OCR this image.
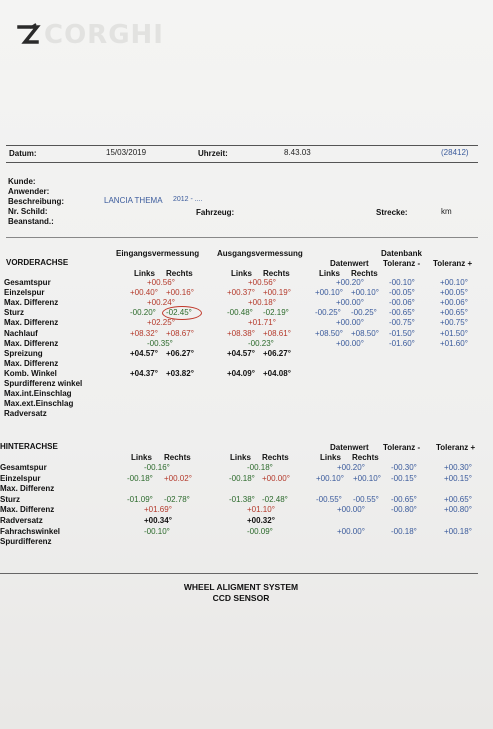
CORGHI
Datum:	15/03/2019	Uhrzeit:	8.43.03	(28412)
Kunde:
Anwender:
Beschreibung:	LANCIA THEMA 2012 - ....
Nr. Schild:	Fahrzeug:	Strecke:	km
Beanstand.:
Eingangsvermessung Ausgangsvermessung	Datenbank
VORDERACHSE	Datenwert Toleranz - Toleranz +
Links Rechts	Links Rechts	Links Rechts
Gesamtspur	+00.56°	+00.56°	+00.20°	-00.10°	+00.10°
Einzelspur	+00.40° +00.16°	+00.37° +00.19°	+00.10° +00.10° -00.05°	+00.05°
Max. Differenz	+00.24°	+00.18°	+00.00°	-00.06°	+00.06°
Sturz	-00.20° -02.45°	-00.48° -02.19°	-00.25° -00.25° -00.65°	+00.65°
Max. Differenz	+02.25°	+01.71°	+00.00°	-00.75°	+00.75°
Nachlauf	+08.32° +08.67°	+08.38° +08.61°	+08.50° +08.50° -01.50°	+01.50°
Max. Differenz	-00.35°	-00.23°	+00.00°	-01.60°	+01.60°
Spreizung	+04.57° +06.27°	+04.57° +06.27°
Max. Differenz
Komb. Winkel	+04.37° +03.82°	+04.09° +04.08°
Spurdifferenz winkel
Max.int.Einschlag
Max.ext.Einschlag
Radversatz
HINTERACHSE	Datenwert Toleranz - Toleranz +
Links Rechts	Links Rechts	Links Rechts
Gesamtspur	-00.16°	-00.18°	+00.20°	-00.30°	+00.30°
Einzelspur	-00.18° +00.02°	-00.18° +00.00°	+00.10° +00.10° -00.15°	+00.15°
Max. Differenz
Sturz	-01.09° -02.78°	-01.38° -02.48°	-00.55° -00.55° -00.65°	+00.65°
Max. Differenz	+01.69°	+01.10°	+00.00°	-00.80°	+00.80°
Radversatz	+00.34°	+00.32°
Fahrachswinkel	-00.10°	-00.09°	+00.00°	-00.18°	+00.18°
Spurdifferenz
WHEEL ALIGMENT SYSTEM
CCD SENSOR
